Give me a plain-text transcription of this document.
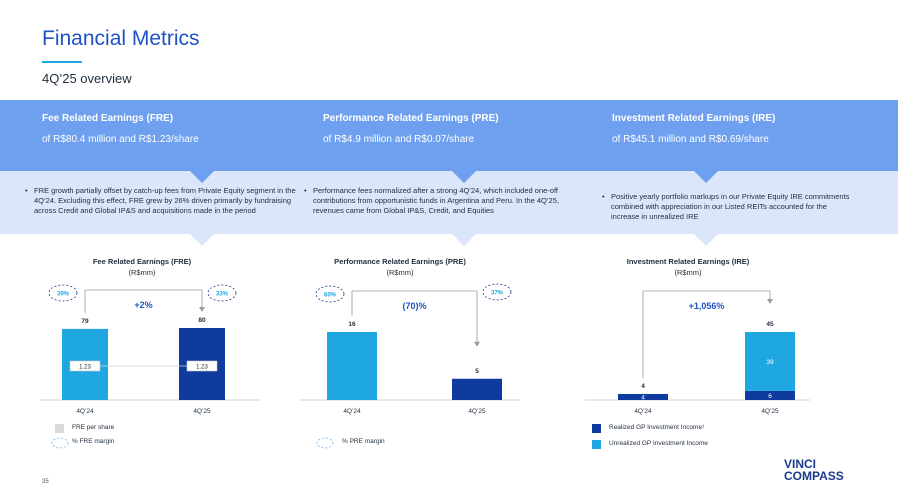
Financial Metrics
4Q’25 overview
Fee Related Earnings (FRE)
of R$80.4 million and R$1.23/share
Performance Related Earnings (PRE)
of R$4.9 million and R$0.07/share
Investment Related Earnings (IRE)
of R$45.1 million and R$0.69/share
• FRE growth partially offset by catch-up fees from Private Equity segment in the 4Q’24. Excluding this effect, FRE grew by 26% driven primarily by fundraising across Credit and Global IP&S and acquisitions made in the period
• Performance fees normalized after a strong 4Q’24, which included one-off contributions from opportunistic funds in Argentina and Peru. In the 4Q’25, revenues came from Global IP&S, Credit, and Equities
• Positive yearly portfolio markups in our Private Equity IRE commitments combined with appreciation in our Listed REITs accounted for the increase in unrealized IRE
Fee Related Earnings (FRE)
(R$mm)
Performance Related Earnings (PRE)
(R$mm)
Investment Related Earnings (IRE)
(R$mm)
4Q’24	4Q’25
79	80
1.23	1.23
+2%
39%	33%
4Q’24	4Q’25
16
5
(70)%
60%	37%
4Q’24	4Q’25
4
4
6
39
45
+1,056%
% PRE margin
FRE per share
% FRE margin
Realized GP Investment Income¹
Unrealized GP Investment Income
35
VINCI
COMPASS
